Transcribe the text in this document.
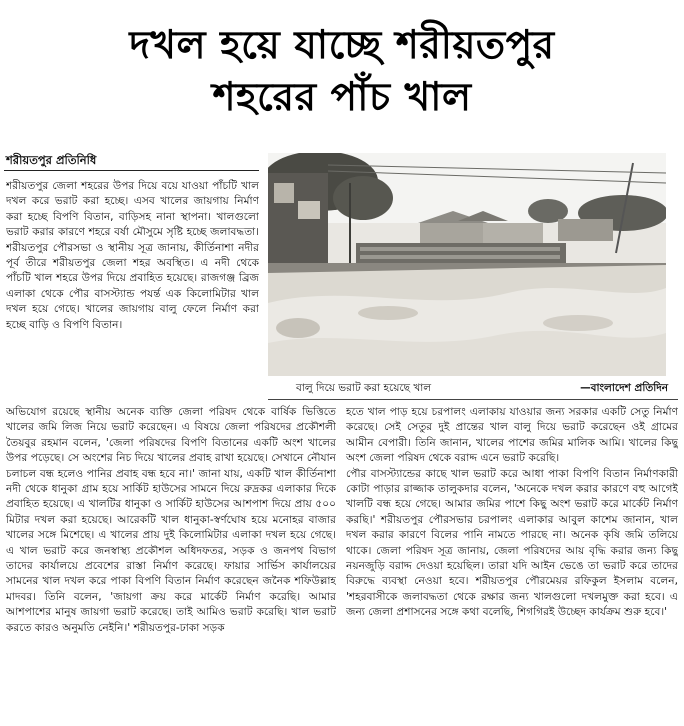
দখল হয়ে যাচ্ছে শরীয়তপুর
শহরের পাঁচ খাল
শরীয়তপুর প্রতিনিধি

শরীয়তপুর জেলা শহরের উপর দিয়ে বয়ে যাওয়া পাঁচটি খাল দখল করে ভরাট করা হচ্ছে। এসব খালের জায়গায় নির্মাণ করা হচ্ছে বিপণি বিতান, বাড়িসহ নানা স্থাপনা। খালগুলো ভরাট করার কারণে শহরে বর্ষা মৌসুমে সৃষ্টি হচ্ছে জলাবদ্ধতা। শরীয়তপুর পৌরসভা ও স্থানীয় সূত্র জানায়, কীর্তিনাশা নদীর পূর্ব তীরে শরীয়তপুর জেলা শহর অবস্থিত। এ নদী থেকে পাঁচটি খাল শহরে উপর দিয়ে প্রবাহিত হয়েছে। রাজগঞ্জ ব্রিজ এলাকা থেকে পৌর বাসস্ট্যান্ড পযর্ন্ত এক কিলোমিটার খাল দখল হয়ে গেছে। খালের জায়গায় বালু ফেলে নির্মাণ করা হচ্ছে বাড়ি ও বিপণি বিতান।

বালু দিয়ে ভরাট করা হয়েছে খাল	—বাংলাদেশ প্রতিদিন

অভিযোগ রয়েছে স্থানীয় অনেক ব্যক্তি জেলা পরিষদ থেকে বার্ষিক ভিত্তিতে খালের জমি লিজ নিয়ে ভরাট করেছেন। এ বিষয়ে জেলা পরিষদের প্রকৌশলী তৈয়বুর রহমান বলেন, 'জেলা পরিষদের বিপণি বিতানের একটি অংশ খালের উপর পড়েছে। সে অংশের নিচ দিয়ে খালের প্রবাহ রাখা হয়েছে। সেখানে নৌযান চলাচল বন্ধ হলেও পানির প্রবাহ বন্ধ হবে না।' জানা যায়, একটি খাল কীর্তিনাশা নদী থেকে ধানুকা গ্রাম হয়ে সার্কিট হাউসের সামনে দিয়ে রুদ্রকর এলাকার দিকে প্রবাহিত হয়েছে। এ খালটির ধানুকা ও সার্কিট হাউসের আশপাশ দিয়ে প্রায় ৫০০ মিটার দখল করা হয়েছে। আরেকটি খাল ধানুকা-স্বর্ণঘোষ হয়ে মনোহর বাজার খালের সঙ্গে মিশেছে। এ খালের প্রায় দুই কিলোমিটার এলাকা দখল হয়ে গেছে। এ খাল ভরাট করে জনস্বাস্থ্য প্রকৌশল অধিদফতর, সড়ক ও জনপথ বিভাগ তাদের কার্যালয়ে প্রবেশের রাস্তা নির্মাণ করেছে। ফায়ার সার্ভিস কার্যালয়ের সামনের খাল দখল করে পাকা বিপণি বিতান নির্মাণ করেছেন জনৈক শফিউল্লাহ মাদবর। তিনি বলেন, 'জায়গা ক্রয় করে মার্কেট নির্মাণ করেছি। আমার আশপাশের মানুষ জায়গা ভরাট করেছে। তাই আমিও ভরাট করেছি। খাল ভরাট করতে কারও অনুমতি নেইনি।' শরীয়তপুর-ঢাকা সড়ক

হতে খাল পাড় হয়ে চরপালং এলাকায় যাওয়ার জন্য সরকার একটি সেতু নির্মাণ করেছে। সেই সেতুর দুই প্রান্তের খাল বালু দিয়ে ভরাট করেছেন ওই গ্রামের আমীন বেপারী। তিনি জানান, খালের পাশের জমির মালিক আমি। খালের কিছু অংশ জেলা পরিষদ থেকে বরাদ্দ এনে ভরাট করেছি।

পৌর বাসস্ট্যান্ডের কাছে খাল ভরাট করে আধা পাকা বিপণি বিতান নির্মাণকারী কোটা পাড়ার রাজ্জাক তালুকদার বলেন, 'অনেকে দখল করার কারণে বহু আগেই খালটি বন্ধ হয়ে গেছে। আমার জমির পাশে কিছু অংশ ভরাট করে মার্কেট নির্মাণ করছি।' শরীয়তপুর পৌরসভার চরপালং এলাকার আবুল কাশেম জানান, খাল দখল করার কারণে বিলের পানি নামতে পারছে না। অনেক কৃষি জমি তলিয়ে থাকে। জেলা পরিষদ সূত্র জানায়, জেলা পরিষদের আয় বৃদ্ধি করার জন্য কিছু নয়নজুড়ি বরাদ্দ দেওয়া হয়েছিল। তারা যদি আইন ভেঙে তা ভরাট করে তাদের বিরুদ্ধে ব্যবস্থা নেওয়া হবে। শরীয়তপুর পৌরমেয়র রফিকুল ইসলাম বলেন, 'শহরবাসীকে জলাবদ্ধতা থেকে রক্ষার জন্য খালগুলো দখলমুক্ত করা হবে। এ জন্য জেলা প্রশাসনের সঙ্গে কথা বলেছি, শিগগিরই উচ্ছেদ কার্যক্রম শুরু হবে।'
